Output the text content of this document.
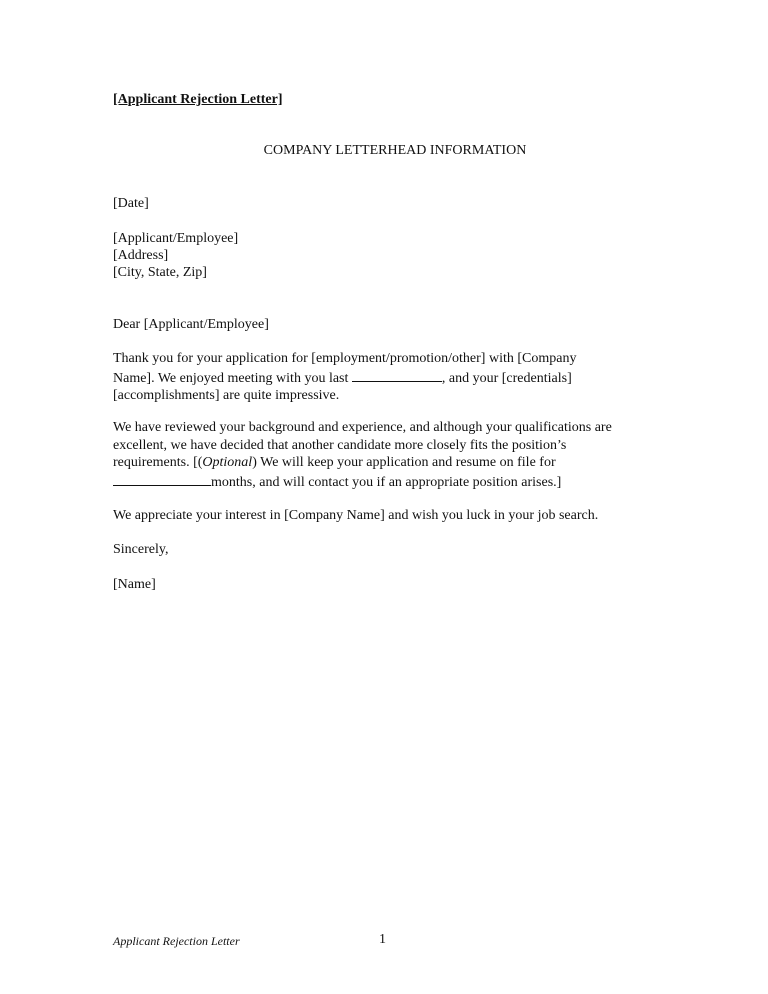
[Applicant Rejection Letter]
COMPANY LETTERHEAD INFORMATION
[Date]
[Applicant/Employee]
[Address]
[City, State, Zip]
Dear [Applicant/Employee]
Thank you for your application for [employment/promotion/other] with [Company
Name]. We enjoyed meeting with you last	, and your [credentials]
[accomplishments] are quite impressive.
We have reviewed your background and experience, and although your qualifications are
excellent, we have decided that another candidate more closely fits the position’s
requirements. [(Optional) We will keep your application and resume on file for
months, and will contact you if an appropriate position arises.]
We appreciate your interest in [Company Name] and wish you luck in your job search.
Sincerely,
[Name]
Applicant Rejection Letter	1
